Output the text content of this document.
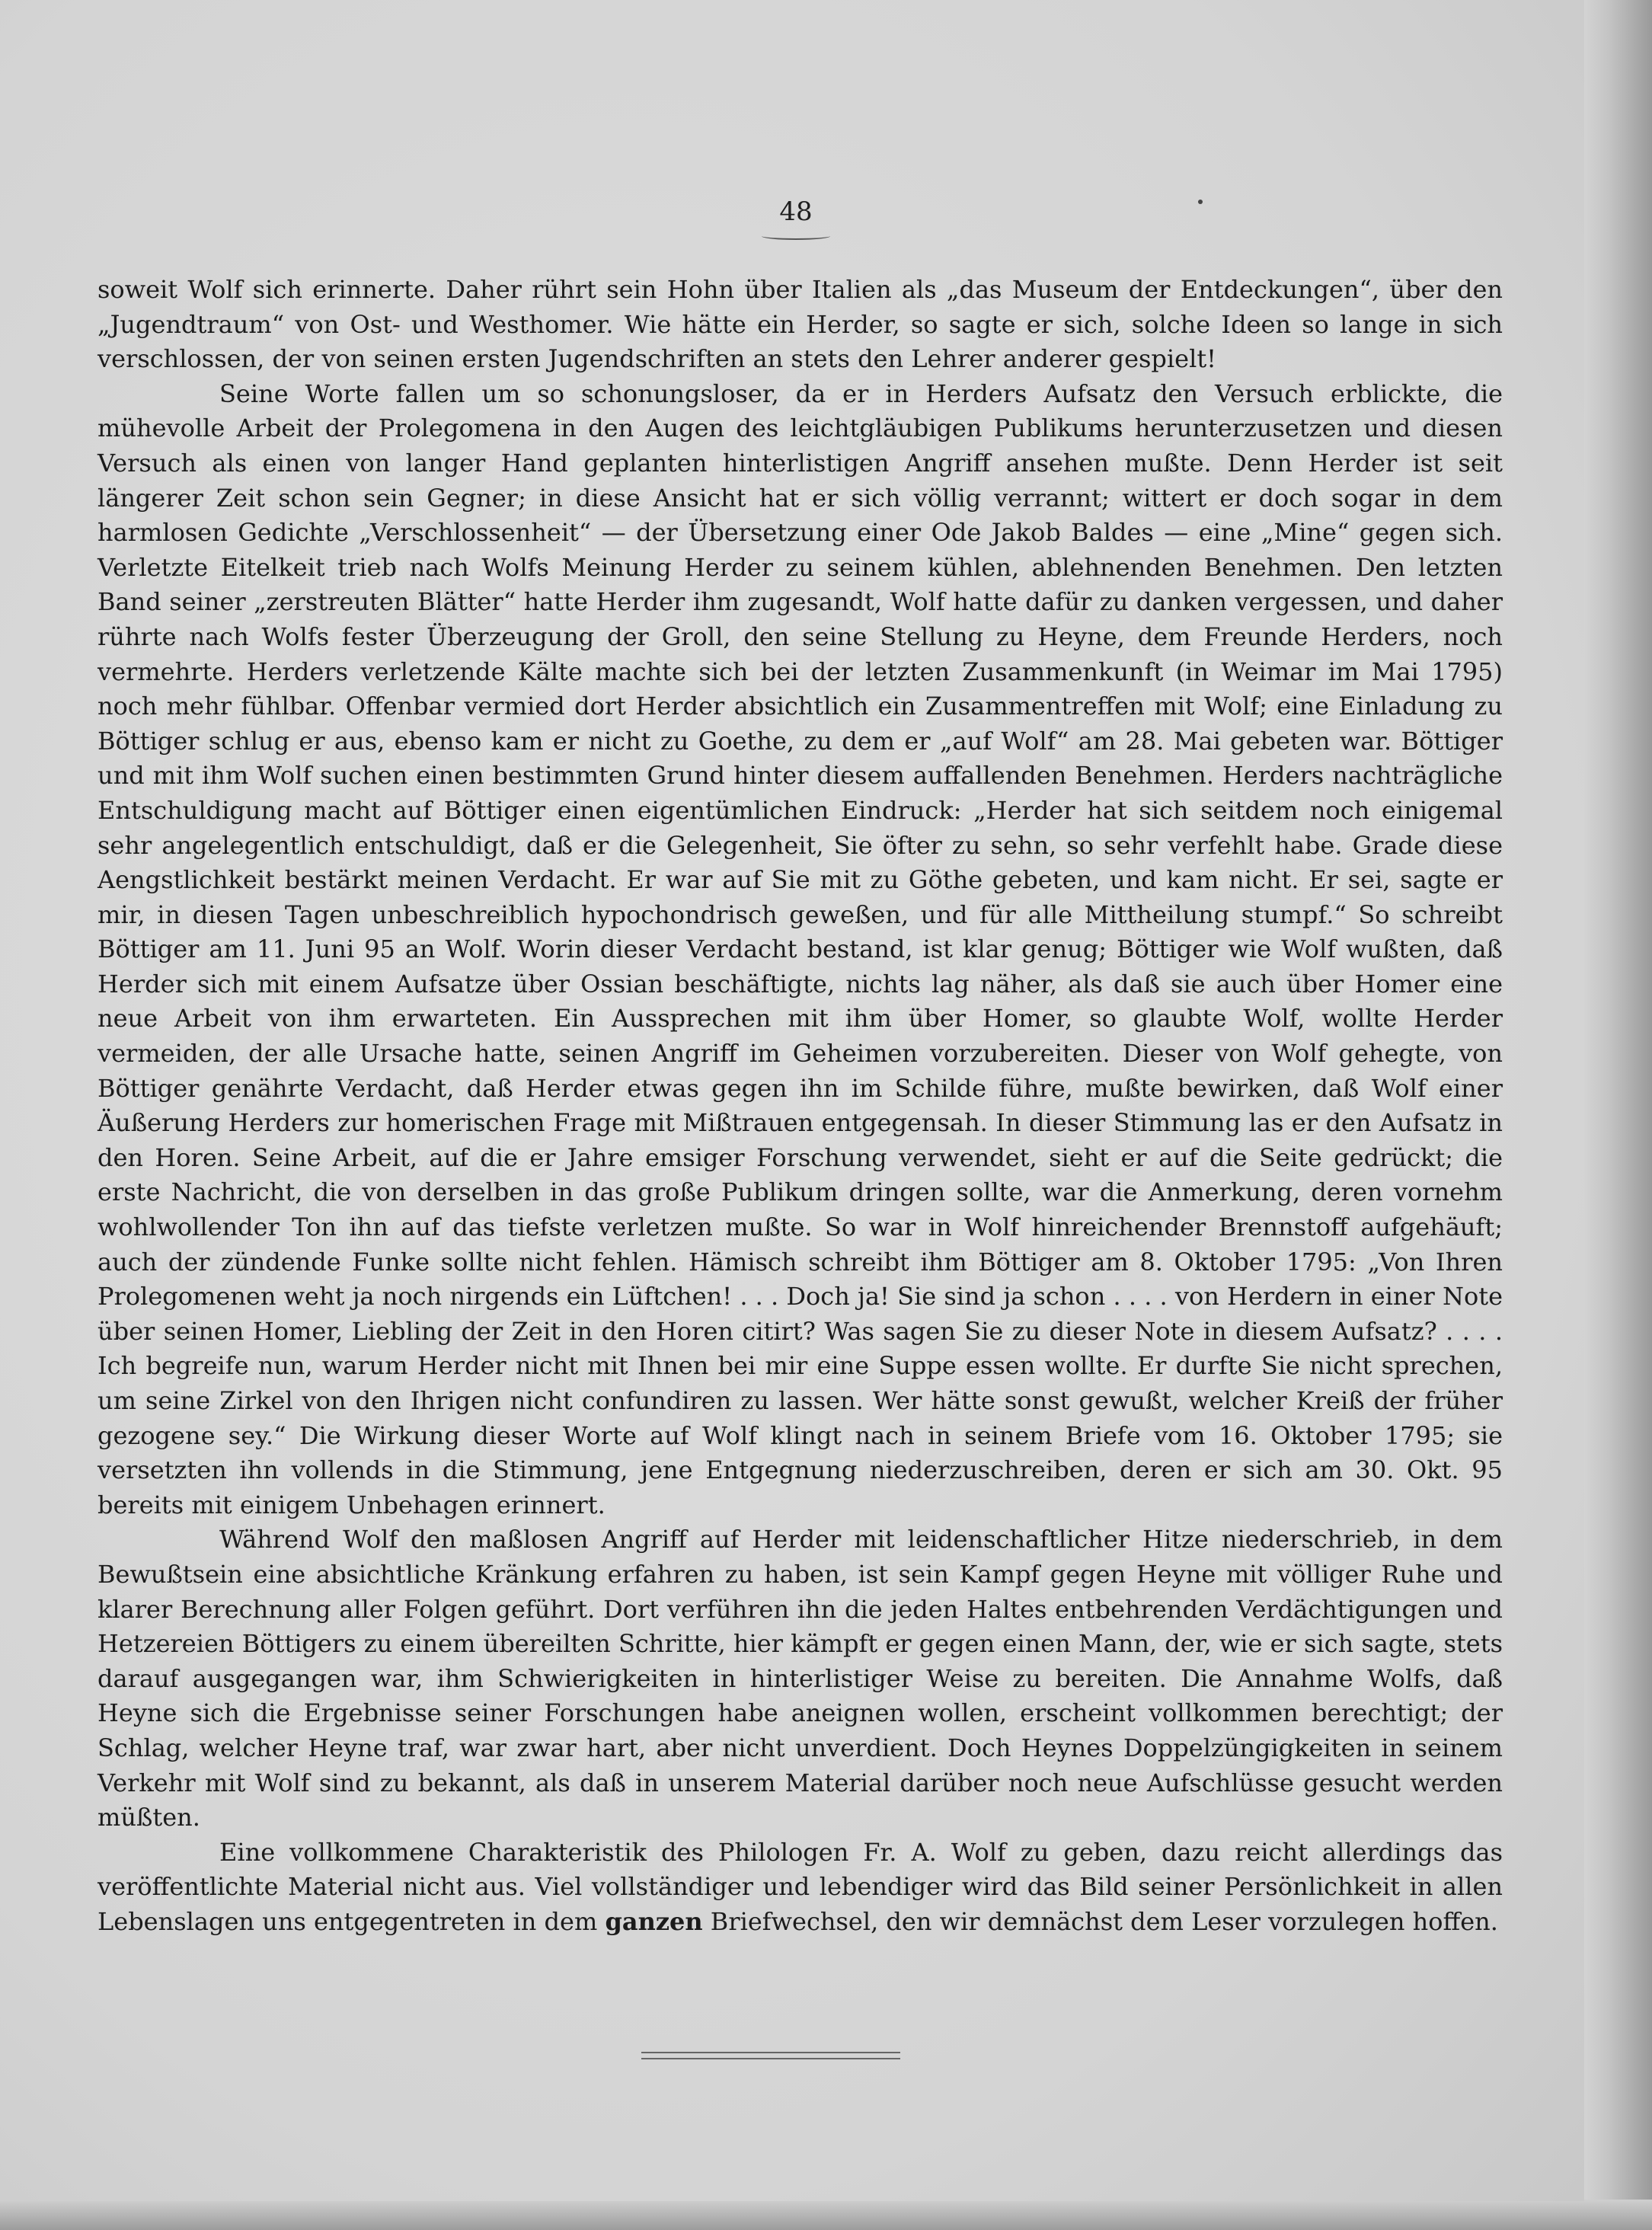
48

soweit Wolf sich erinnerte. Daher rührt sein Hohn über Italien als „das Museum der Entdeckungen“, über den „Jugendtraum“ von Ost- und Westhomer. Wie hätte ein Herder, so sagte er sich, solche Ideen so lange in sich verschlossen, der von seinen ersten Jugendschriften an stets den Lehrer anderer gespielt!

Seine Worte fallen um so schonungsloser, da er in Herders Aufsatz den Versuch erblickte, die mühevolle Arbeit der Prolegomena in den Augen des leichtgläubigen Publikums herunterzusetzen und diesen Versuch als einen von langer Hand geplanten hinterlistigen Angriff ansehen mußte. Denn Herder ist seit längerer Zeit schon sein Gegner; in diese Ansicht hat er sich völlig verrannt; wittert er doch sogar in dem harmlosen Gedichte „Verschlossenheit“ — der Übersetzung einer Ode Jakob Baldes — eine „Mine“ gegen sich. Verletzte Eitelkeit trieb nach Wolfs Meinung Herder zu seinem kühlen, ablehnenden Benehmen. Den letzten Band seiner „zerstreuten Blätter“ hatte Herder ihm zugesandt, Wolf hatte dafür zu danken vergessen, und daher rührte nach Wolfs fester Überzeugung der Groll, den seine Stellung zu Heyne, dem Freunde Herders, noch vermehrte. Herders verletzende Kälte machte sich bei der letzten Zusammenkunft (in Weimar im Mai 1795) noch mehr fühlbar. Offenbar vermied dort Herder absichtlich ein Zusammentreffen mit Wolf; eine Einladung zu Böttiger schlug er aus, ebenso kam er nicht zu Goethe, zu dem er „auf Wolf“ am 28. Mai gebeten war. Böttiger und mit ihm Wolf suchen einen bestimmten Grund hinter diesem auffallenden Benehmen. Herders nachträgliche Entschuldigung macht auf Böttiger einen eigentümlichen Eindruck: „Herder hat sich seitdem noch einigemal sehr angelegentlich entschuldigt, daß er die Gelegenheit, Sie öfter zu sehn, so sehr verfehlt habe. Grade diese Aengstlichkeit bestärkt meinen Verdacht. Er war auf Sie mit zu Göthe gebeten, und kam nicht. Er sei, sagte er mir, in diesen Tagen unbeschreiblich hypochondrisch geweßen, und für alle Mittheilung stumpf.“ So schreibt Böttiger am 11. Juni 95 an Wolf. Worin dieser Verdacht bestand, ist klar genug; Böttiger wie Wolf wußten, daß Herder sich mit einem Aufsatze über Ossian beschäftigte, nichts lag näher, als daß sie auch über Homer eine neue Arbeit von ihm erwarteten. Ein Aussprechen mit ihm über Homer, so glaubte Wolf, wollte Herder vermeiden, der alle Ursache hatte, seinen Angriff im Geheimen vorzubereiten. Dieser von Wolf gehegte, von Böttiger genährte Verdacht, daß Herder etwas gegen ihn im Schilde führe, mußte bewirken, daß Wolf einer Äußerung Herders zur homerischen Frage mit Mißtrauen entgegensah. In dieser Stimmung las er den Aufsatz in den Horen. Seine Arbeit, auf die er Jahre emsiger Forschung verwendet, sieht er auf die Seite gedrückt; die erste Nachricht, die von derselben in das große Publikum dringen sollte, war die Anmerkung, deren vornehm wohlwollender Ton ihn auf das tiefste verletzen mußte. So war in Wolf hinreichender Brennstoff aufgehäuft; auch der zündende Funke sollte nicht fehlen. Hämisch schreibt ihm Böttiger am 8. Oktober 1795: „Von Ihren Prolegomenen weht ja noch nirgends ein Lüftchen! . . . Doch ja! Sie sind ja schon . . . . von Herdern in einer Note über seinen Homer, Liebling der Zeit in den Horen citirt? Was sagen Sie zu dieser Note in diesem Aufsatz? . . . . Ich begreife nun, warum Herder nicht mit Ihnen bei mir eine Suppe essen wollte. Er durfte Sie nicht sprechen, um seine Zirkel von den Ihrigen nicht confundiren zu lassen. Wer hätte sonst gewußt, welcher Kreiß der früher gezogene sey.“ Die Wirkung dieser Worte auf Wolf klingt nach in seinem Briefe vom 16. Oktober 1795; sie versetzten ihn vollends in die Stimmung, jene Entgegnung niederzuschreiben, deren er sich am 30. Okt. 95 bereits mit einigem Unbehagen erinnert.

Während Wolf den maßlosen Angriff auf Herder mit leidenschaftlicher Hitze niederschrieb, in dem Bewußtsein eine absichtliche Kränkung erfahren zu haben, ist sein Kampf gegen Heyne mit völliger Ruhe und klarer Berechnung aller Folgen geführt. Dort verführen ihn die jeden Haltes entbehrenden Verdächtigungen und Hetzereien Böttigers zu einem übereilten Schritte, hier kämpft er gegen einen Mann, der, wie er sich sagte, stets darauf ausgegangen war, ihm Schwierigkeiten in hinterlistiger Weise zu bereiten. Die Annahme Wolfs, daß Heyne sich die Ergebnisse seiner Forschungen habe aneignen wollen, erscheint vollkommen berechtigt; der Schlag, welcher Heyne traf, war zwar hart, aber nicht unverdient. Doch Heynes Doppelzüngigkeiten in seinem Verkehr mit Wolf sind zu bekannt, als daß in unserem Material darüber noch neue Aufschlüsse gesucht werden müßten.

Eine vollkommene Charakteristik des Philologen Fr. A. Wolf zu geben, dazu reicht allerdings das veröffentlichte Material nicht aus. Viel vollständiger und lebendiger wird das Bild seiner Persönlichkeit in allen Lebenslagen uns entgegentreten in dem ganzen Briefwechsel, den wir demnächst dem Leser vorzulegen hoffen.
